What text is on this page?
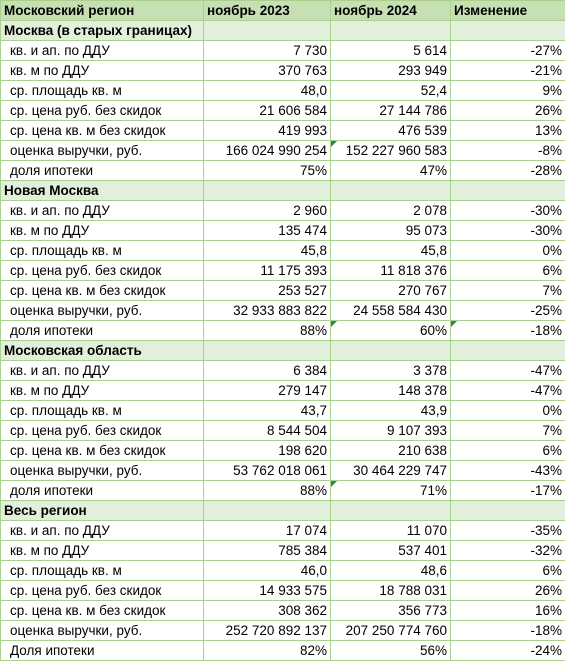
Московский регион	ноябрь 2023	ноябрь 2024	Изменение
Москва (в старых границах)			
кв. и ап. по ДДУ	7 730	5 614	-27%
кв. м по ДДУ	370 763	293 949	-21%
ср. площадь кв. м	48,0	52,4	9%
ср. цена руб. без скидок	21 606 584	27 144 786	26%
ср. цена кв. м без скидок	419 993	476 539	13%
оценка выручки, руб.	166 024 990 254	152 227 960 583	-8%
доля ипотеки	75%	47%	-28%
Новая Москва			
кв. и ап. по ДДУ	2 960	2 078	-30%
кв. м по ДДУ	135 474	95 073	-30%
ср. площадь кв. м	45,8	45,8	0%
ср. цена руб. без скидок	11 175 393	11 818 376	6%
ср. цена кв. м без скидок	253 527	270 767	7%
оценка выручки, руб.	32 933 883 822	24 558 584 430	-25%
доля ипотеки	88%	60%	-18%
Московская область			
кв. и ап. по ДДУ	6 384	3 378	-47%
кв. м по ДДУ	279 147	148 378	-47%
ср. площадь кв. м	43,7	43,9	0%
ср. цена руб. без скидок	8 544 504	9 107 393	7%
ср. цена кв. м без скидок	198 620	210 638	6%
оценка выручки, руб.	53 762 018 061	30 464 229 747	-43%
доля ипотеки	88%	71%	-17%
Весь регион			
кв. и ап. по ДДУ	17 074	11 070	-35%
кв. м по ДДУ	785 384	537 401	-32%
ср. площадь кв. м	46,0	48,6	6%
ср. цена руб. без скидок	14 933 575	18 788 031	26%
ср. цена кв. м без скидок	308 362	356 773	16%
оценка выручки, руб.	252 720 892 137	207 250 774 760	-18%
Доля ипотеки	82%	56%	-24%
